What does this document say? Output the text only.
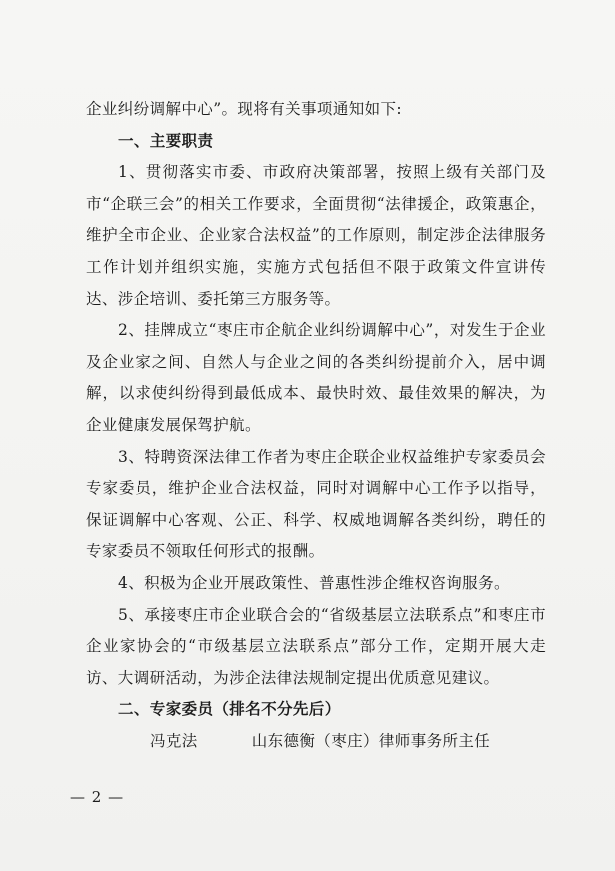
企业纠纷调解中心”。现将有关事项通知如下:

一、主要职责

1、贯彻落实市委、市政府决策部署，按照上级有关部门及市“企联三会”的相关工作要求，全面贯彻“法律援企，政策惠企，维护全市企业、企业家合法权益”的工作原则，制定涉企法律服务工作计划并组织实施，实施方式包括但不限于政策文件宣讲传达、涉企培训、委托第三方服务等。

2、挂牌成立“枣庄市企航企业纠纷调解中心”，对发生于企业及企业家之间、自然人与企业之间的各类纠纷提前介入，居中调解，以求使纠纷得到最低成本、最快时效、最佳效果的解决，为企业健康发展保驾护航。

3、特聘资深法律工作者为枣庄企联企业权益维护专家委员会专家委员，维护企业合法权益，同时对调解中心工作予以指导，保证调解中心客观、公正、科学、权威地调解各类纠纷，聘任的专家委员不领取任何形式的报酬。

4、积极为企业开展政策性、普惠性涉企维权咨询服务。

5、承接枣庄市企业联合会的“省级基层立法联系点”和枣庄市企业家协会的“市级基层立法联系点”部分工作，定期开展大走访、大调研活动，为涉企法律法规制定提出优质意见建议。

二、专家委员（排名不分先后）

冯克法	山东德衡（枣庄）律师事务所主任

— 2 —
